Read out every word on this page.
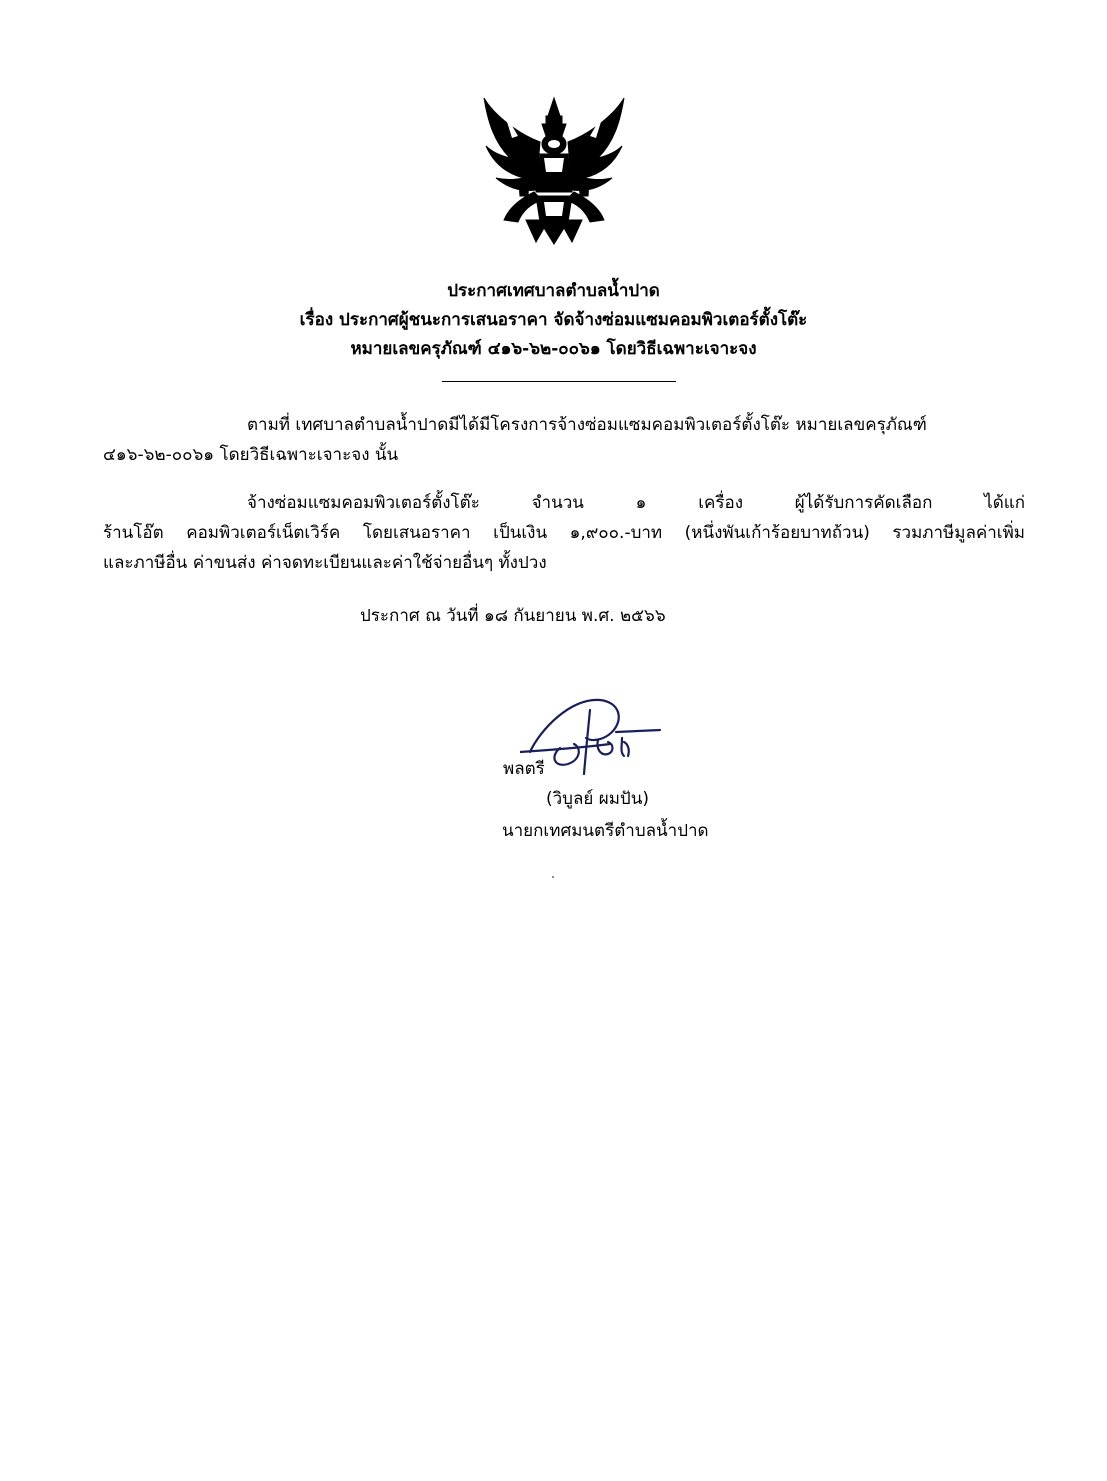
ประกาศเทศบาลตำบลน้ำปาด
เรื่อง ประกาศผู้ชนะการเสนอราคา จัดจ้างซ่อมแซมคอมพิวเตอร์ตั้งโต๊ะ
หมายเลขครุภัณฑ์ ๔๑๖-๖๒-๐๐๖๑ โดยวิธีเฉพาะเจาะจง
ตามที่ เทศบาลตำบลน้ำปาดมีได้มีโครงการจ้างซ่อมแซมคอมพิวเตอร์ตั้งโต๊ะ หมายเลขครุภัณฑ์
๔๑๖-๖๒-๐๐๖๑ โดยวิธีเฉพาะเจาะจง นั้น
จ้างซ่อมแซมคอมพิวเตอร์ตั้งโต๊ะ จำนวน ๑ เครื่อง ผู้ได้รับการคัดเลือก ได้แก่
ร้านโอ๊ต คอมพิวเตอร์เน็ตเวิร์ค โดยเสนอราคา เป็นเงิน ๑,๙๐๐.-บาท (หนึ่งพันเก้าร้อยบาทถ้วน) รวมภาษีมูลค่าเพิ่ม
และภาษีอื่น ค่าขนส่ง ค่าจดทะเบียนและค่าใช้จ่ายอื่นๆ ทั้งปวง
ประกาศ ณ วันที่ ๑๘ กันยายน พ.ศ. ๒๕๖๖
พลตรี
(วิบูลย์ ผมปัน)
นายกเทศมนตรีตำบลน้ำปาด
